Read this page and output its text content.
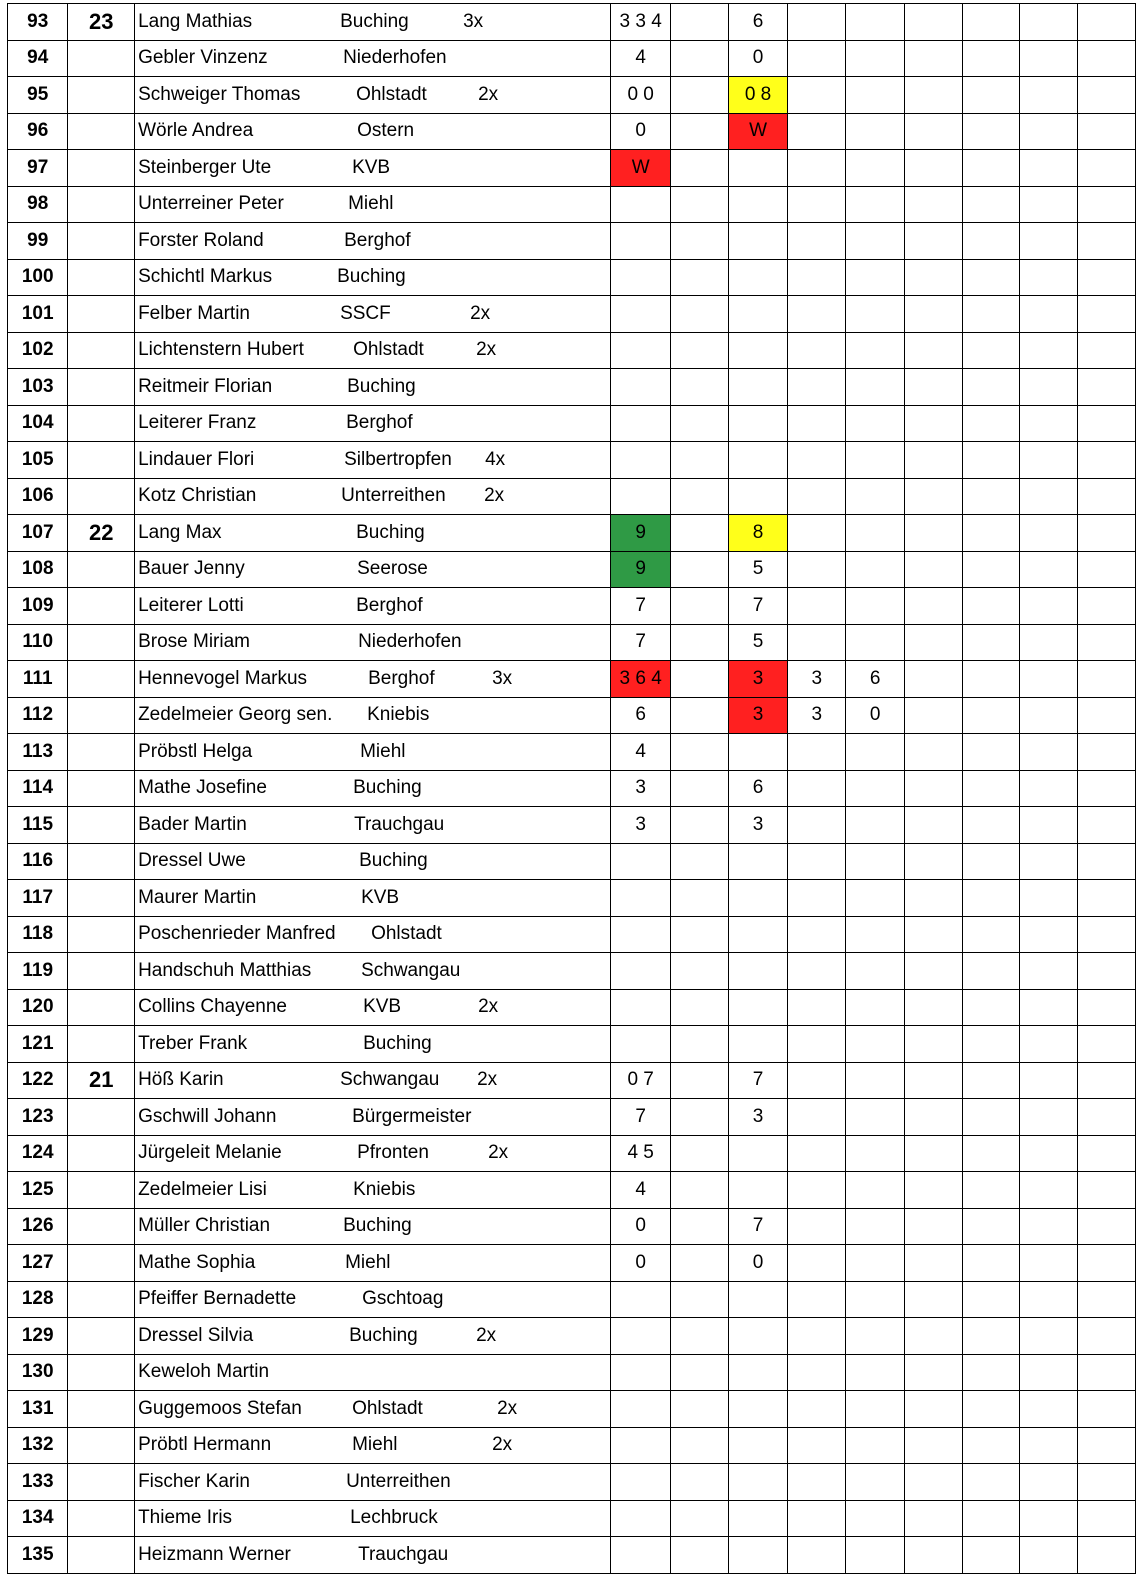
93	23	Lang Mathias Buching 3x	3 3 4		6						
94		Gebler Vinzenz Niederhofen	4		0						
95		Schweiger Thomas Ohlstadt 2x	0 0		0 8						
96		Wörle Andrea Ostern	0		W						
97		Steinberger Ute KVB	W								
98		Unterreiner Peter Miehl									

99		Forster Roland Berghof									

100		Schichtl Markus Buching									

101		Felber Martin SSCF 2x									

102		Lichtenstern Hubert Ohlstadt 2x									

103		Reitmeir Florian Buching									

104		Leiterer Franz Berghof									

105		Lindauer Flori Silbertropfen 4x									

106		Kotz Christian Unterreithen 2x									

107	22	Lang Max Buching	9		8						
108		Bauer Jenny Seerose	9		5						
109		Leiterer Lotti Berghof	7		7						
110		Brose Miriam Niederhofen	7		5						
111		Hennevogel Markus Berghof 3x	3 6 4		3	3	6				
112		Zedelmeier Georg sen. Kniebis	6		3	3	0				
113		Pröbstl Helga Miehl	4								
114		Mathe Josefine Buching	3		6						
115		Bader Martin Trauchgau	3		3						
116		Dressel Uwe Buching									

117		Maurer Martin KVB									

118		Poschenrieder Manfred Ohlstadt									

119		Handschuh Matthias Schwangau									

120		Collins Chayenne KVB 2x									

121		Treber Frank Buching									

122	21	Höß Karin Schwangau 2x	0 7		7						
123		Gschwill Johann Bürgermeister	7		3						
124		Jürgeleit Melanie Pfronten 2x	4 5								
125		Zedelmeier Lisi Kniebis	4								
126		Müller Christian Buching	0		7						
127		Mathe Sophia Miehl	0		0						
128		Pfeiffer Bernadette Gschtoag									

129		Dressel Silvia Buching 2x									

130		Keweloh Martin									

131		Guggemoos Stefan Ohlstadt 2x									

132		Pröbtl Hermann Miehl 2x									

133		Fischer Karin Unterreithen									

134		Thieme Iris Lechbruck									

135		Heizmann Werner Trauchgau									
